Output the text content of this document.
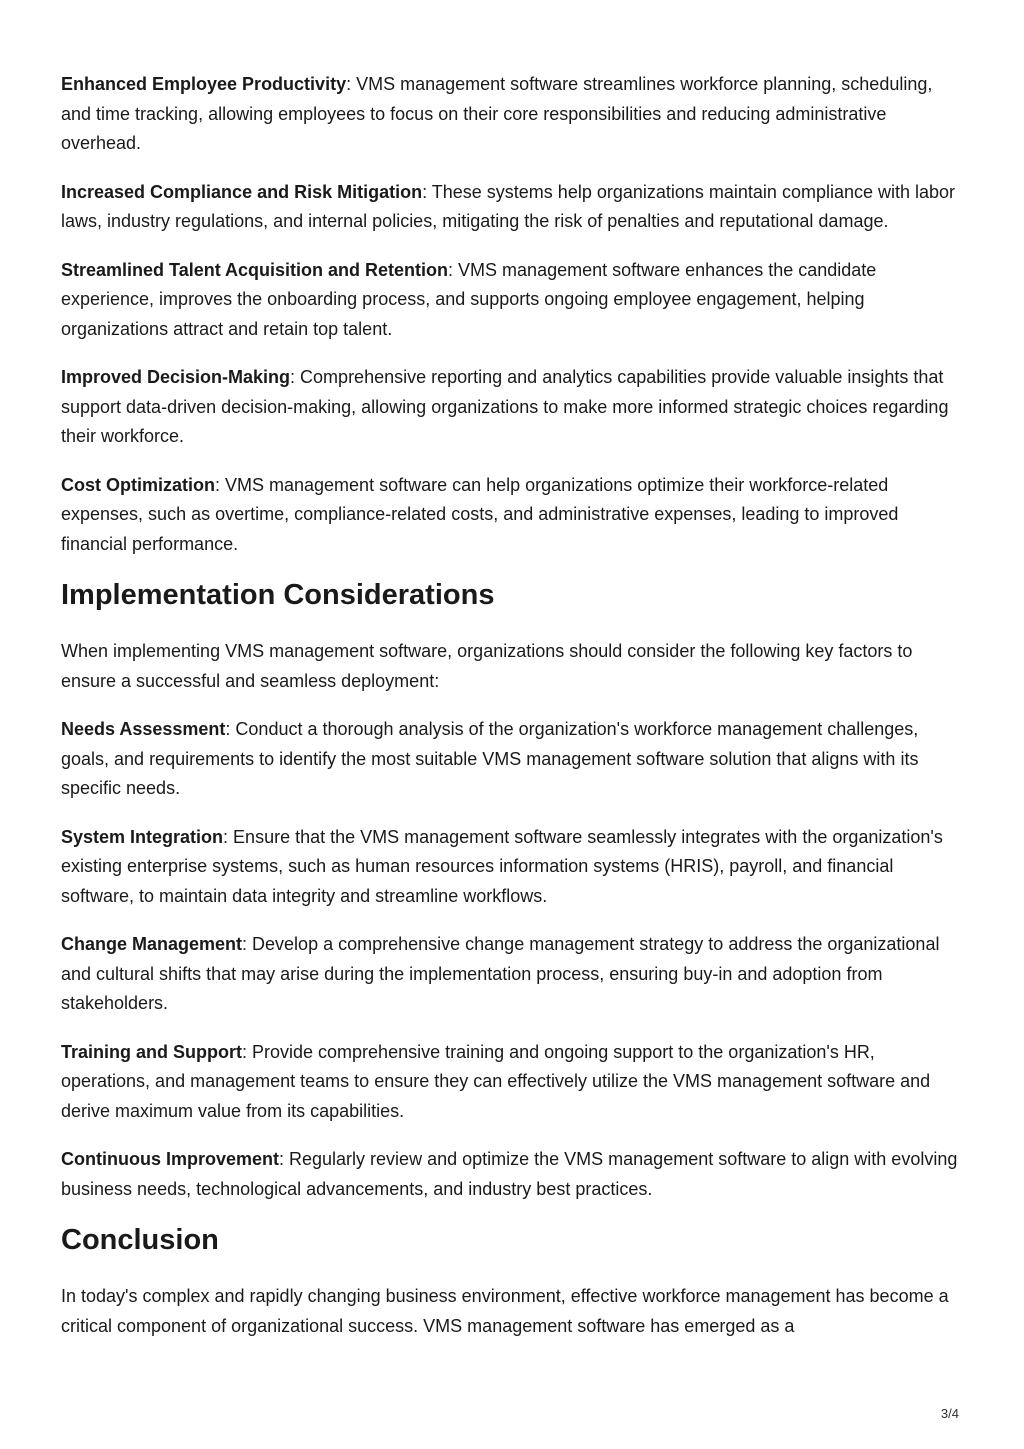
Enhanced Employee Productivity: VMS management software streamlines workforce planning, scheduling, and time tracking, allowing employees to focus on their core responsibilities and reducing administrative overhead.

Increased Compliance and Risk Mitigation: These systems help organizations maintain compliance with labor laws, industry regulations, and internal policies, mitigating the risk of penalties and reputational damage.

Streamlined Talent Acquisition and Retention: VMS management software enhances the candidate experience, improves the onboarding process, and supports ongoing employee engagement, helping organizations attract and retain top talent.

Improved Decision-Making: Comprehensive reporting and analytics capabilities provide valuable insights that support data-driven decision-making, allowing organizations to make more informed strategic choices regarding their workforce.

Cost Optimization: VMS management software can help organizations optimize their workforce-related expenses, such as overtime, compliance-related costs, and administrative expenses, leading to improved financial performance.

Implementation Considerations

When implementing VMS management software, organizations should consider the following key factors to ensure a successful and seamless deployment:

Needs Assessment: Conduct a thorough analysis of the organization's workforce management challenges, goals, and requirements to identify the most suitable VMS management software solution that aligns with its specific needs.

System Integration: Ensure that the VMS management software seamlessly integrates with the organization's existing enterprise systems, such as human resources information systems (HRIS), payroll, and financial software, to maintain data integrity and streamline workflows.

Change Management: Develop a comprehensive change management strategy to address the organizational and cultural shifts that may arise during the implementation process, ensuring buy-in and adoption from stakeholders.

Training and Support: Provide comprehensive training and ongoing support to the organization's HR, operations, and management teams to ensure they can effectively utilize the VMS management software and derive maximum value from its capabilities.

Continuous Improvement: Regularly review and optimize the VMS management software to align with evolving business needs, technological advancements, and industry best practices.

Conclusion

In today's complex and rapidly changing business environment, effective workforce management has become a critical component of organizational success. VMS management software has emerged as a

3/4
